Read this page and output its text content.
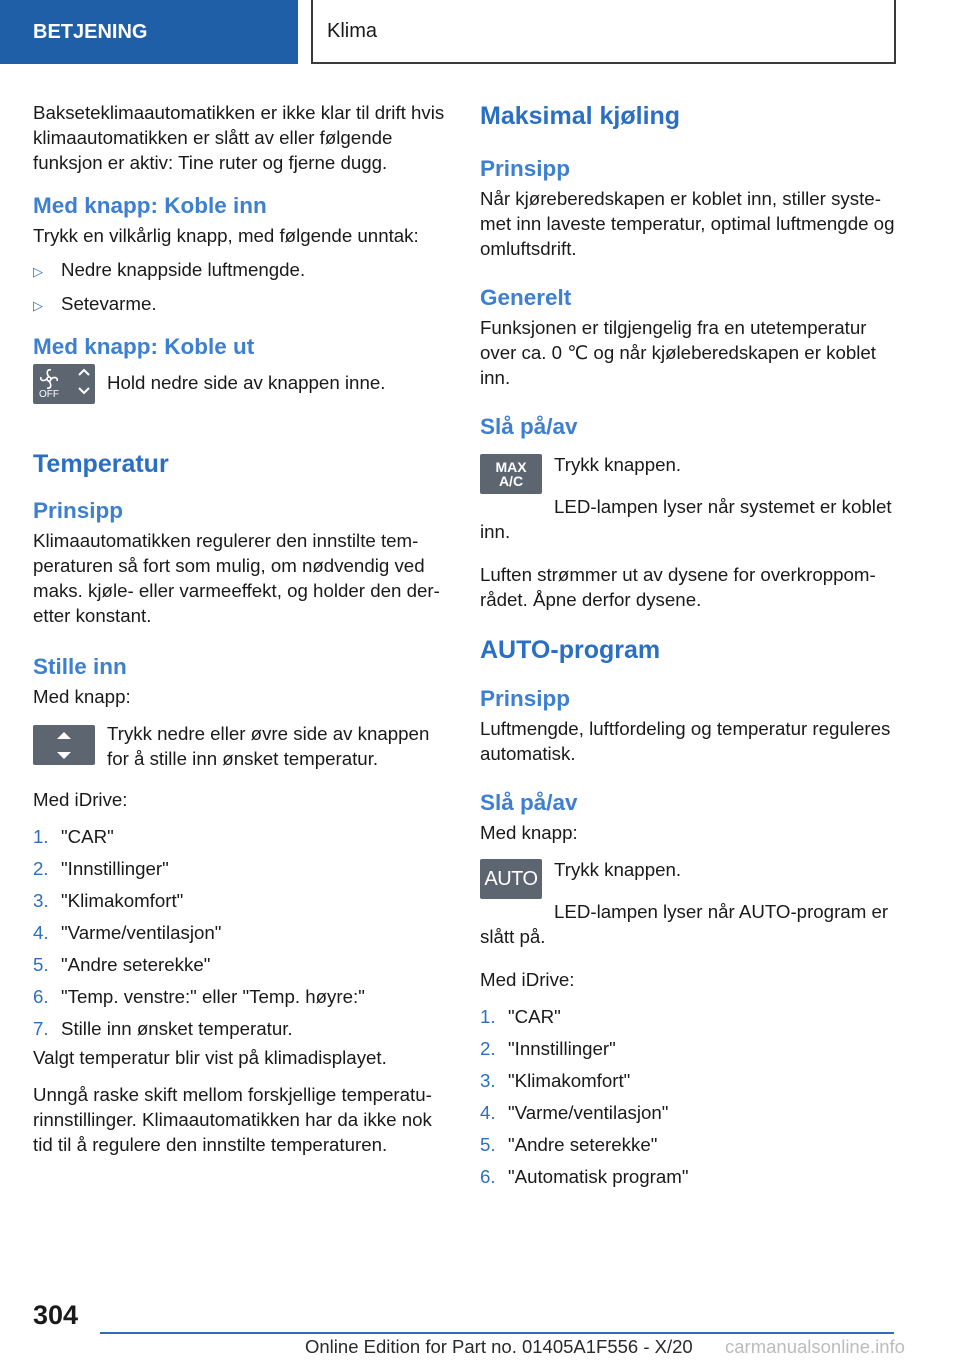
BETJENING	Klima

Bakseteklimaautomatikken er ikke klar til drift hvis klimaautomatikken er slått av eller følgende funksjon er aktiv: Tine ruter og fjerne dugg.

Med knapp: Koble inn

Trykk en vilkårlig knapp, med følgende unntak:

▷ Nedre knappside luftmengde.
▷ Setevarme.
Med knapp: Koble ut
OFF

Hold nedre side av knappen inne.

Temperatur
Prinsipp

Klimaautomatikken regulerer den innstilte temperaturen så fort som mulig, om nødvendig ved maks. kjøle- eller varmeeffekt, og holder den deretter konstant.

Stille inn

Med knapp:

Trykk nedre eller øvre side av knappen for å stille inn ønsket temperatur.

Med iDrive:

1. "CAR"
2. "Innstillinger"
3. "Klimakomfort"
4. "Varme/ventilasjon"
5. "Andre seterekke"
6. "Temp. venstre:" eller "Temp. høyre:"
7. Stille inn ønsket temperatur.

Valgt temperatur blir vist på klimadisplayet.

Unngå raske skift mellom forskjellige temperaturinnstillinger. Klimaautomatikken har da ikke nok tid til å regulere den innstilte temperaturen.

Maksimal kjøling
Prinsipp

Når kjøreberedskapen er koblet inn, stiller systemet inn laveste temperatur, optimal luftmengde og omluftsdrift.

Generelt

Funksjonen er tilgjengelig fra en utetemperatur over ca. 0 ℃ og når kjøleberedskapen er koblet inn.

Slå på/av
MAX
A/C

Trykk knappen.

LED-lampen lyser når systemet er koblet inn.

Luften strømmer ut av dysene for overkroppområdet. Åpne derfor dysene.

AUTO-program
Prinsipp

Luftmengde, luftfordeling og temperatur reguleres automatisk.

Slå på/av

Med knapp:

AUTO Trykk knappen.

LED-lampen lyser når AUTO-program er slått på.

Med iDrive:

1. "CAR"
2. "Innstillinger"
3. "Klimakomfort"
4. "Varme/ventilasjon"
5. "Andre seterekke"
6. "Automatisk program"
304
Online Edition for Part no. 01405A1F556 - X/20 carmanualsonline.info
